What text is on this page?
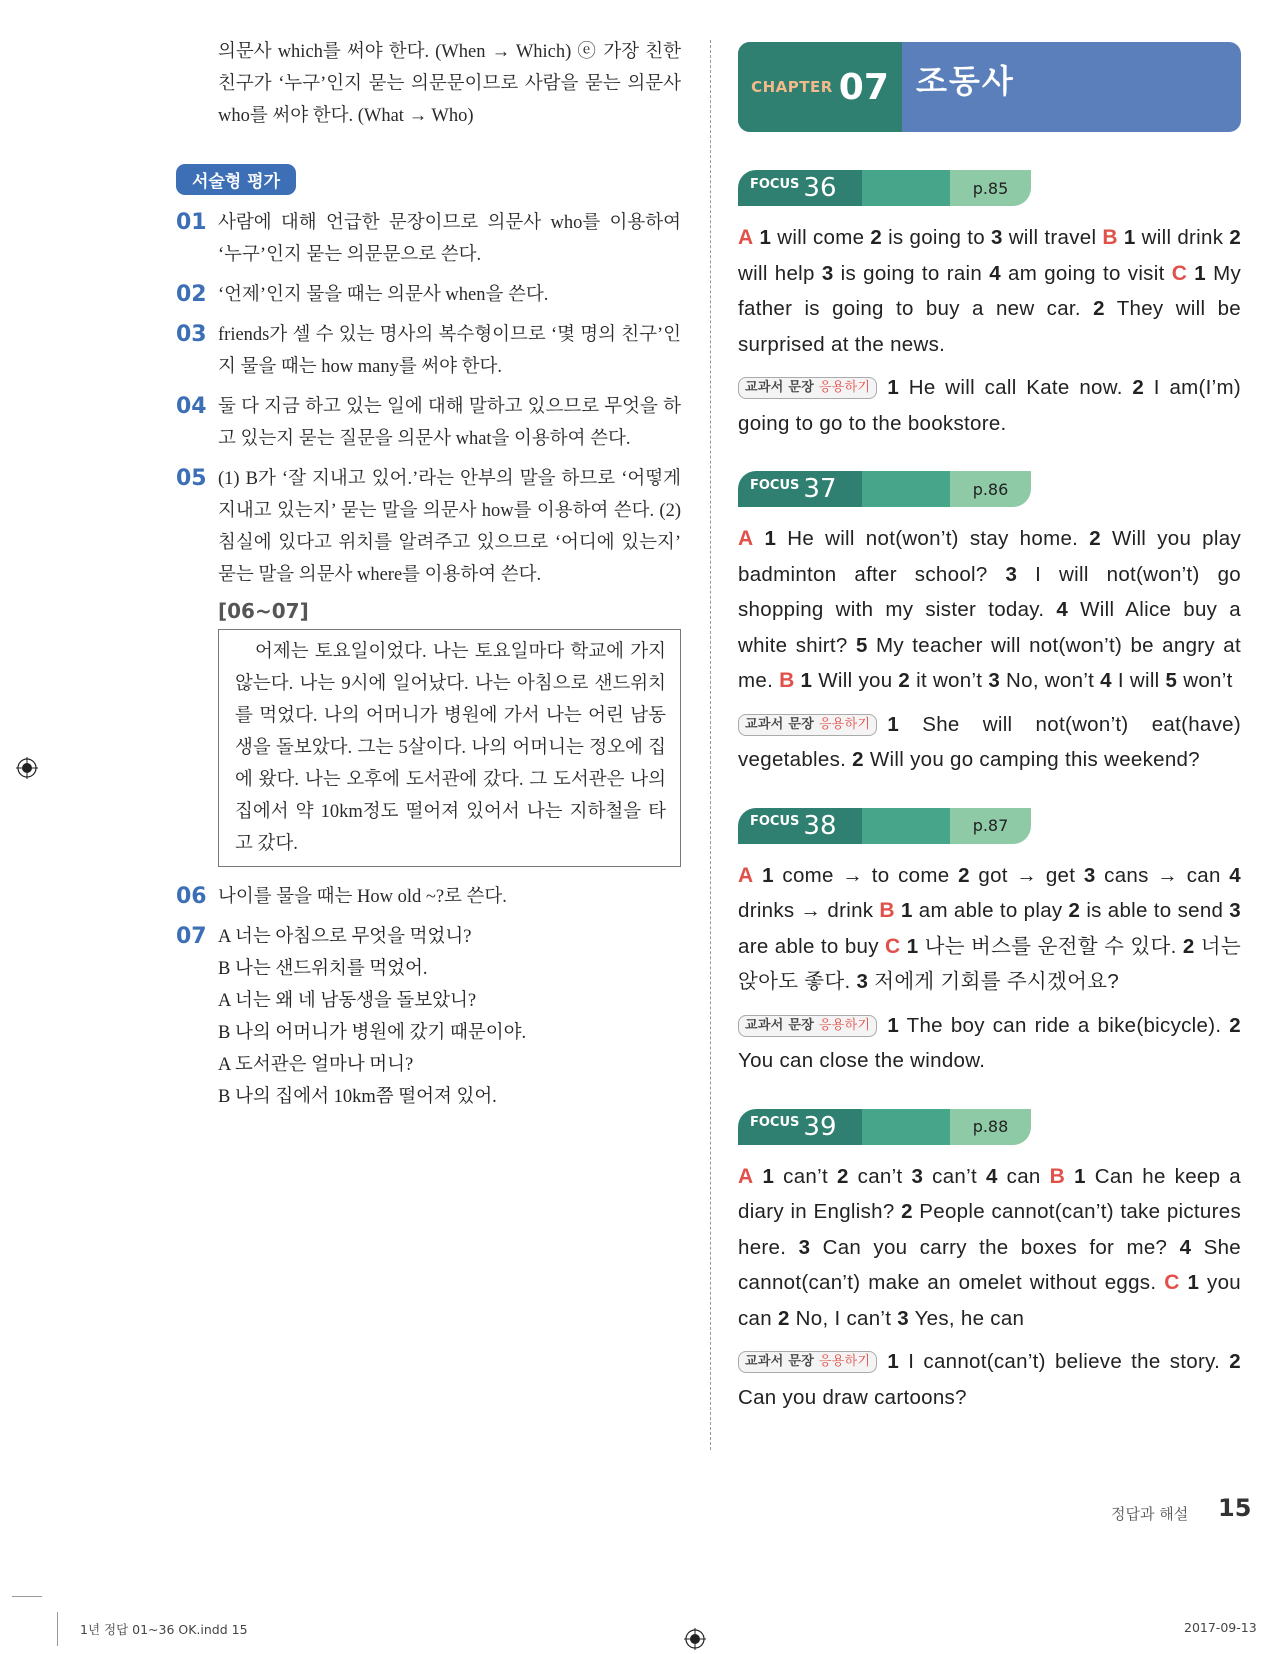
의문사 which를 써야 한다. (When → Which) ⓔ 가장 친한 친구가 ‘누구’인지 묻는 의문문이므로 사람을 묻는 의문사 who를 써야 한다. (What → Who)
서술형 평가
01 사람에 대해 언급한 문장이므로 의문사 who를 이용하여 ‘누구’인지 묻는 의문문으로 쓴다.
02 ‘언제’인지 물을 때는 의문사 when을 쓴다.
03 friends가 셀 수 있는 명사의 복수형이므로 ‘몇 명의 친구’인지 물을 때는 how many를 써야 한다.
04 둘 다 지금 하고 있는 일에 대해 말하고 있으므로 무엇을 하고 있는지 묻는 질문을 의문사 what을 이용하여 쓴다.
05 (1) B가 ‘잘 지내고 있어.’라는 안부의 말을 하므로 ‘어떻게 지내고 있는지’ 묻는 말을 의문사 how를 이용하여 쓴다. (2) 침실에 있다고 위치를 알려주고 있으므로 ‘어디에 있는지’ 묻는 말을 의문사 where를 이용하여 쓴다.
[06~07]
어제는 토요일이었다. 나는 토요일마다 학교에 가지 않는다. 나는 9시에 일어났다. 나는 아침으로 샌드위치를 먹었다. 나의 어머니가 병원에 가서 나는 어린 남동생을 돌보았다. 그는 5살이다. 나의 어머니는 정오에 집에 왔다. 나는 오후에 도서관에 갔다. 그 도서관은 나의 집에서 약 10km정도 떨어져 있어서 나는 지하철을 타고 갔다.
06 나이를 물을 때는 How old ~?로 쓴다.
07 A 너는 아침으로 무엇을 먹었니?
B 나는 샌드위치를 먹었어.
A 너는 왜 네 남동생을 돌보았니?
B 나의 어머니가 병원에 갔기 때문이야.
A 도서관은 얼마나 머니?
B 나의 집에서 10km쯤 떨어져 있어.
CHAPTER 07 조동사
FOCUS 36	p.85
A 1 will come 2 is going to 3 will travel B 1 will drink 2 will help 3 is going to rain 4 am going to visit C 1 My father is going to buy a new car. 2 They will be surprised at the news.
교과서 문장 응용하기 1 He will call Kate now. 2 I am(I’m) going to go to the bookstore.
FOCUS 37	p.86
A 1 He will not(won’t) stay home. 2 Will you play badminton after school? 3 I will not(won’t) go shopping with my sister today. 4 Will Alice buy a white shirt? 5 My teacher will not(won’t) be angry at me. B 1 Will you 2 it won’t 3 No, won’t 4 I will 5 won’t
교과서 문장 응용하기 1 She will not(won’t) eat(have) vegetables. 2 Will you go camping this weekend?
FOCUS 38	p.87
A 1 come → to come 2 got → get 3 cans → can 4 drinks → drink B 1 am able to play 2 is able to send 3 are able to buy C 1 나는 버스를 운전할 수 있다. 2 너는 앉아도 좋다. 3 저에게 기회를 주시겠어요?
교과서 문장 응용하기 1 The boy can ride a bike(bicycle). 2 You can close the window.
FOCUS 39	p.88
A 1 can’t 2 can’t 3 can’t 4 can B 1 Can he keep a diary in English? 2 People cannot(can’t) take pictures here. 3 Can you carry the boxes for me? 4 She cannot(can’t) make an omelet without eggs. C 1 you can 2 No, I can’t 3 Yes, he can
교과서 문장 응용하기 1 I cannot(can’t) believe the story. 2 Can you draw cartoons?
정답과 해설 15
1년 정답 01~36 OK.indd 15	2017-09-13
